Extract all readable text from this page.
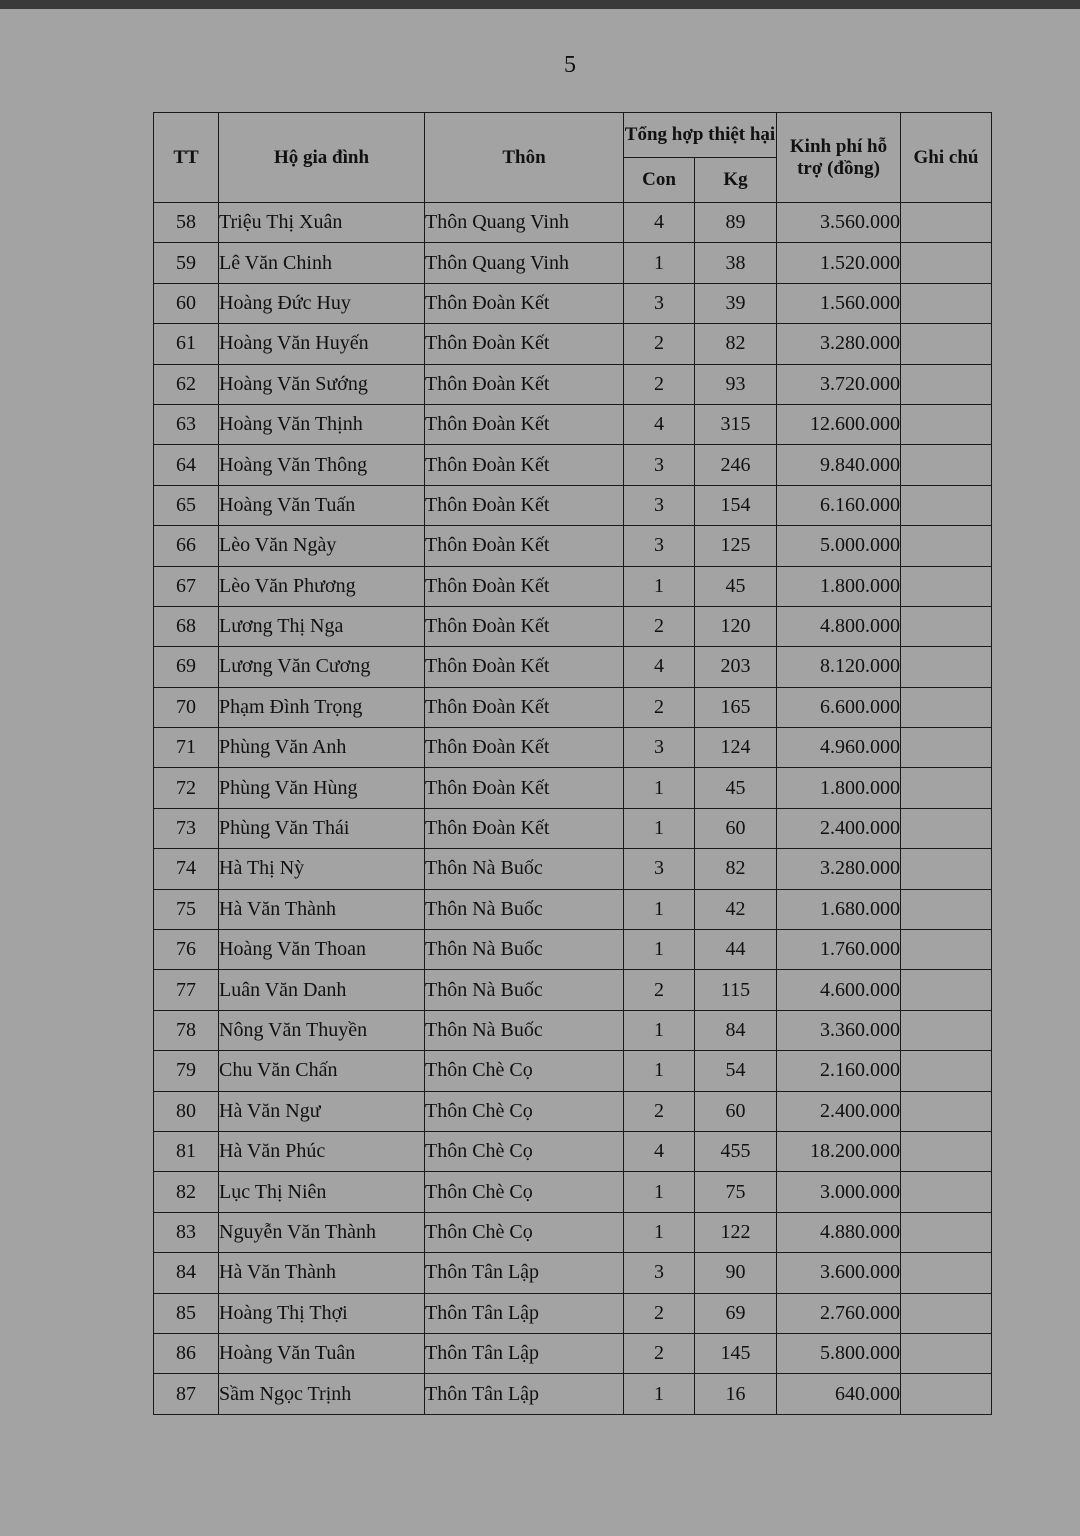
5
TT	Hộ gia đình	Thôn	Tổng hợp thiệt hại		Kinh phí hỗ trợ (đồng)	Ghi chú
			Con	Kg		
58	Triệu Thị Xuân	Thôn Quang Vinh	4	89	3.560.000	
59	Lê Văn Chinh	Thôn Quang Vinh	1	38	1.520.000	
60	Hoàng Đức Huy	Thôn Đoàn Kết	3	39	1.560.000	
61	Hoàng Văn Huyến	Thôn Đoàn Kết	2	82	3.280.000	
62	Hoàng Văn Sướng	Thôn Đoàn Kết	2	93	3.720.000	
63	Hoàng Văn Thịnh	Thôn Đoàn Kết	4	315	12.600.000	
64	Hoàng Văn Thông	Thôn Đoàn Kết	3	246	9.840.000	
65	Hoàng Văn Tuấn	Thôn Đoàn Kết	3	154	6.160.000	
66	Lèo Văn Ngày	Thôn Đoàn Kết	3	125	5.000.000	
67	Lèo Văn Phương	Thôn Đoàn Kết	1	45	1.800.000	
68	Lương Thị Nga	Thôn Đoàn Kết	2	120	4.800.000	
69	Lương Văn Cương	Thôn Đoàn Kết	4	203	8.120.000	
70	Phạm Đình Trọng	Thôn Đoàn Kết	2	165	6.600.000	
71	Phùng Văn Anh	Thôn Đoàn Kết	3	124	4.960.000	
72	Phùng Văn Hùng	Thôn Đoàn Kết	1	45	1.800.000	
73	Phùng Văn Thái	Thôn Đoàn Kết	1	60	2.400.000	
74	Hà Thị Nỳ	Thôn Nà Buốc	3	82	3.280.000	
75	Hà Văn Thành	Thôn Nà Buốc	1	42	1.680.000	
76	Hoàng Văn Thoan	Thôn Nà Buốc	1	44	1.760.000	
77	Luân Văn Danh	Thôn Nà Buốc	2	115	4.600.000	
78	Nông Văn Thuyền	Thôn Nà Buốc	1	84	3.360.000	
79	Chu Văn Chấn	Thôn Chè Cọ	1	54	2.160.000	
80	Hà Văn Ngư	Thôn Chè Cọ	2	60	2.400.000	
81	Hà Văn Phúc	Thôn Chè Cọ	4	455	18.200.000	
82	Lục Thị Niên	Thôn Chè Cọ	1	75	3.000.000	
83	Nguyễn Văn Thành	Thôn Chè Cọ	1	122	4.880.000	
84	Hà Văn Thành	Thôn Tân Lập	3	90	3.600.000	
85	Hoàng Thị Thợi	Thôn Tân Lập	2	69	2.760.000	
86	Hoàng Văn Tuân	Thôn Tân Lập	2	145	5.800.000	
87	Sầm Ngọc Trịnh	Thôn Tân Lập	1	16	640.000	
